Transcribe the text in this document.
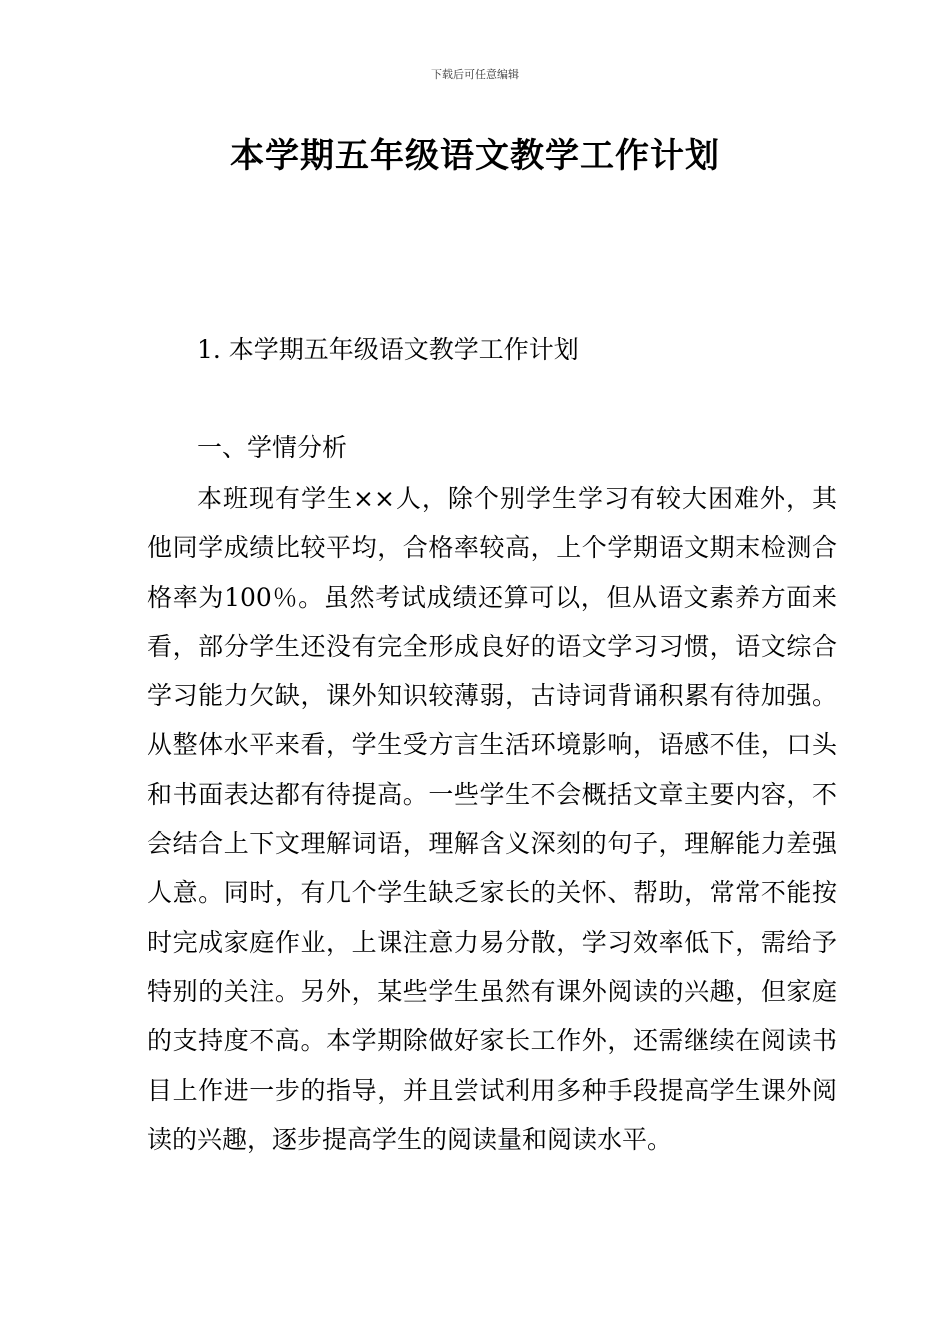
下载后可任意编辑
本学期五年级语文教学工作计划

1. 本学期五年级语文教学工作计划

一、学情分析

本班现有学生××人，除个别学生学习有较大困难外，其他同学成绩比较平均，合格率较高，上个学期语文期末检测合格率为100％。虽然考试成绩还算可以，但从语文素养方面来看，部分学生还没有完全形成良好的语文学习习惯，语文综合学习能力欠缺，课外知识较薄弱，古诗词背诵积累有待加强。从整体水平来看，学生受方言生活环境影响，语感不佳，口头和书面表达都有待提高。一些学生不会概括文章主要内容，不会结合上下文理解词语，理解含义深刻的句子，理解能力差强人意。同时，有几个学生缺乏家长的关怀、帮助，常常不能按时完成家庭作业，上课注意力易分散，学习效率低下，需给予特别的关注。另外，某些学生虽然有课外阅读的兴趣，但家庭的支持度不高。本学期除做好家长工作外，还需继续在阅读书目上作进一步的指导，并且尝试利用多种手段提高学生课外阅读的兴趣，逐步提高学生的阅读量和阅读水平。
